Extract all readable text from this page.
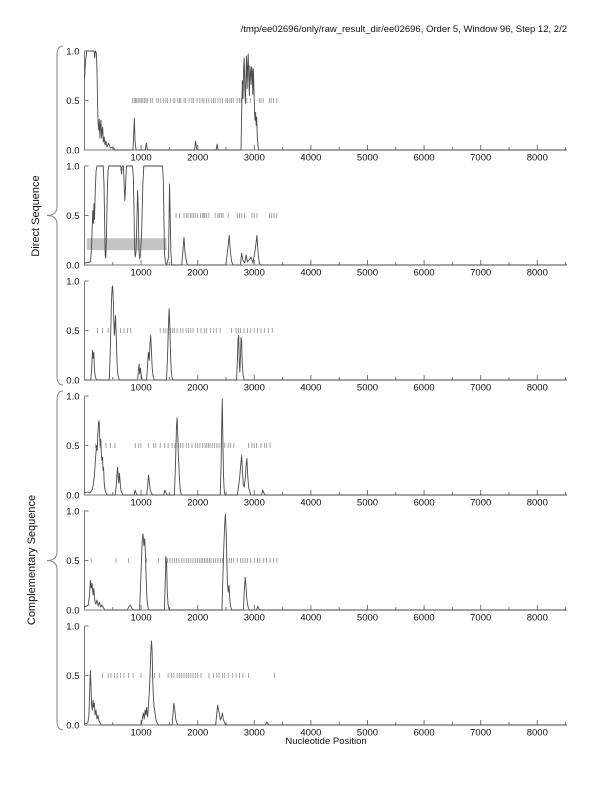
/tmp/ee02696/only/raw_result_dir/ee02696, Order 5, Window 96, Step 12, 2/2
Direct Sequence
Complementary Sequence
0.0
0.5
1.0
1000	2000	3000	4000	5000	6000	7000	8000
0.0
0.5
1.0
1000	2000	3000	4000	5000	6000	7000	8000
0.0
0.5
1.0
1000	2000	3000	4000	5000	6000	7000	8000
0.0
0.5
1.0
1000	2000	3000	4000	5000	6000	7000	8000
0.0
0.5
1.0
1000	2000	3000	4000	5000	6000	7000	8000
0.0
0.5
1.0
1000	2000	3000	4000	5000	6000	7000	8000
Nucleotide Position
